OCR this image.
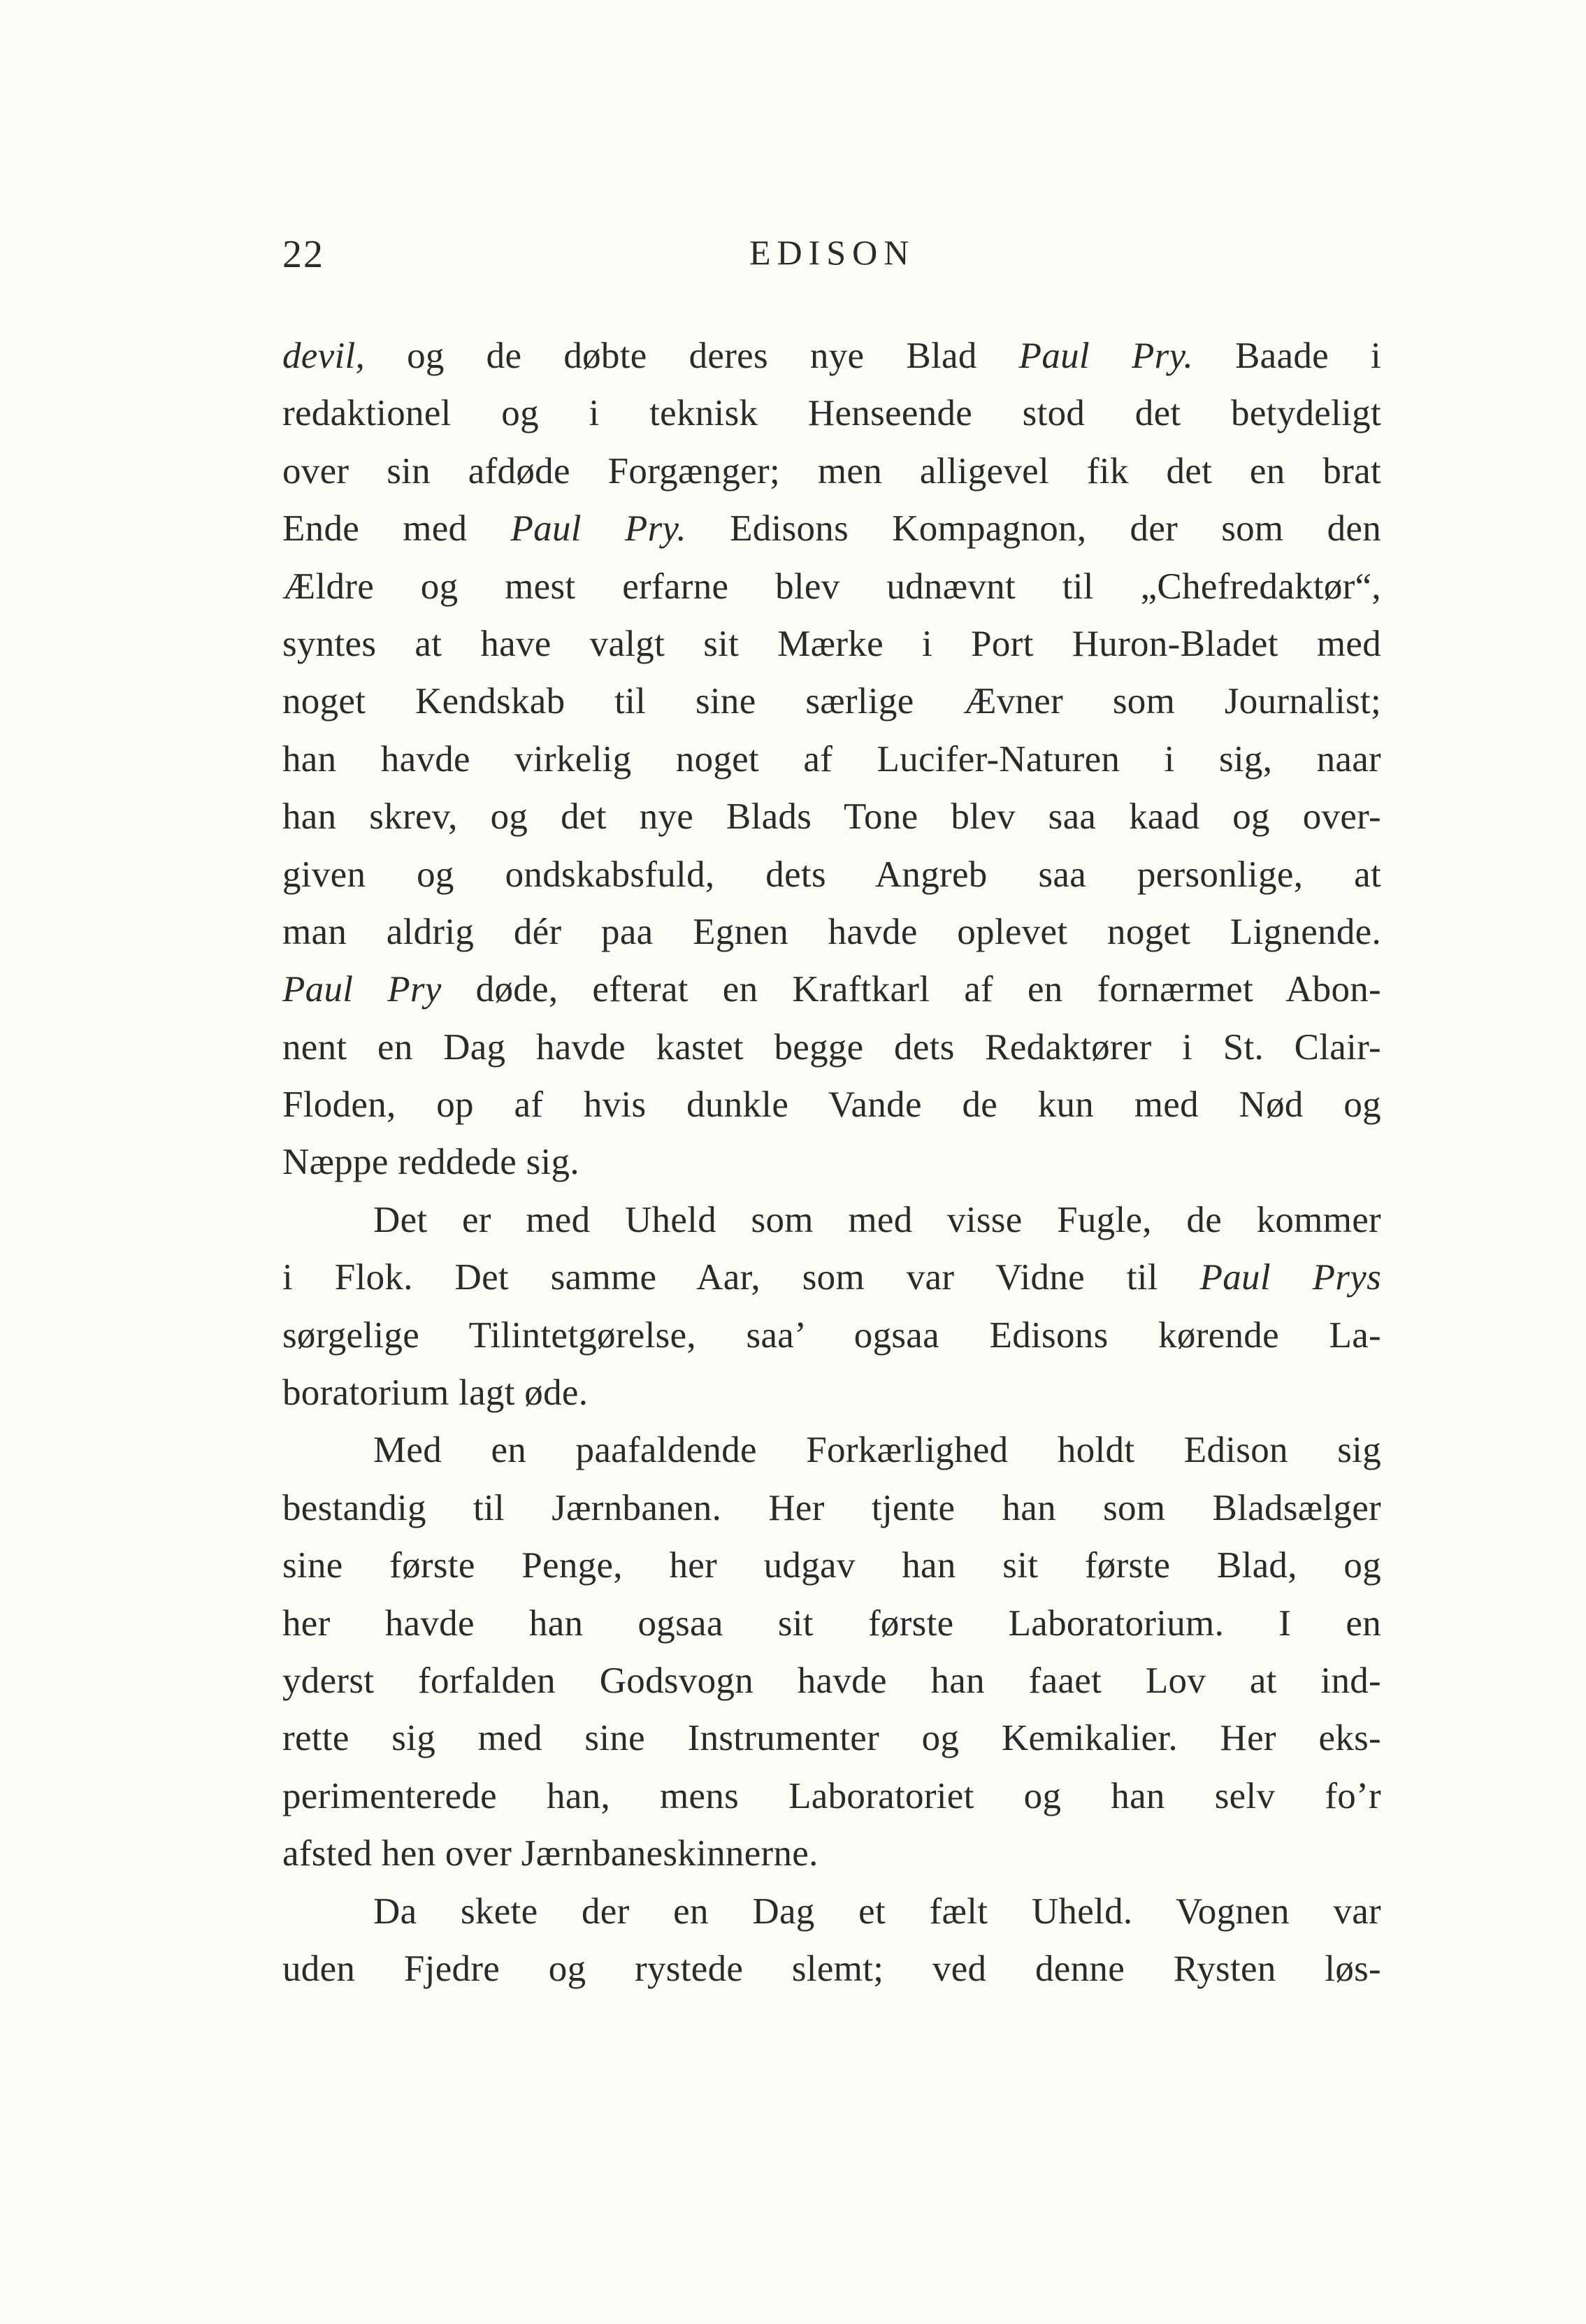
22	EDISON
devil, og de døbte deres nye Blad Paul Pry. Baade i
redaktionel og i teknisk Henseende stod det betydeligt
over sin afdøde Forgænger; men alligevel fik det en brat
Ende med Paul Pry. Edisons Kompagnon, der som den
Ældre og mest erfarne blev udnævnt til „Chefredaktør“,
syntes at have valgt sit Mærke i Port Huron-Bladet med
noget Kendskab til sine særlige Ævner som Journalist;
han havde virkelig noget af Lucifer-Naturen i sig, naar
han skrev, og det nye Blads Tone blev saa kaad og over-
given og ondskabsfuld, dets Angreb saa personlige, at
man aldrig dér paa Egnen havde oplevet noget Lignende.
Paul Pry døde, efterat en Kraftkarl af en fornærmet Abon-
nent en Dag havde kastet begge dets Redaktører i St. Clair-
Floden, op af hvis dunkle Vande de kun med Nød og
Næppe reddede sig.
Det er med Uheld som med visse Fugle, de kommer
i Flok. Det samme Aar, som var Vidne til Paul Prys
sørgelige Tilintetgørelse, saa’ ogsaa Edisons kørende La-
boratorium lagt øde.
Med en paafaldende Forkærlighed holdt Edison sig
bestandig til Jærnbanen. Her tjente han som Bladsælger
sine første Penge, her udgav han sit første Blad, og
her havde han ogsaa sit første Laboratorium. I en
yderst forfalden Godsvogn havde han faaet Lov at ind-
rette sig med sine Instrumenter og Kemikalier. Her eks-
perimenterede han, mens Laboratoriet og han selv fo’r
afsted hen over Jærnbaneskinnerne.
Da skete der en Dag et fælt Uheld. Vognen var
uden Fjedre og rystede slemt; ved denne Rysten løs-
